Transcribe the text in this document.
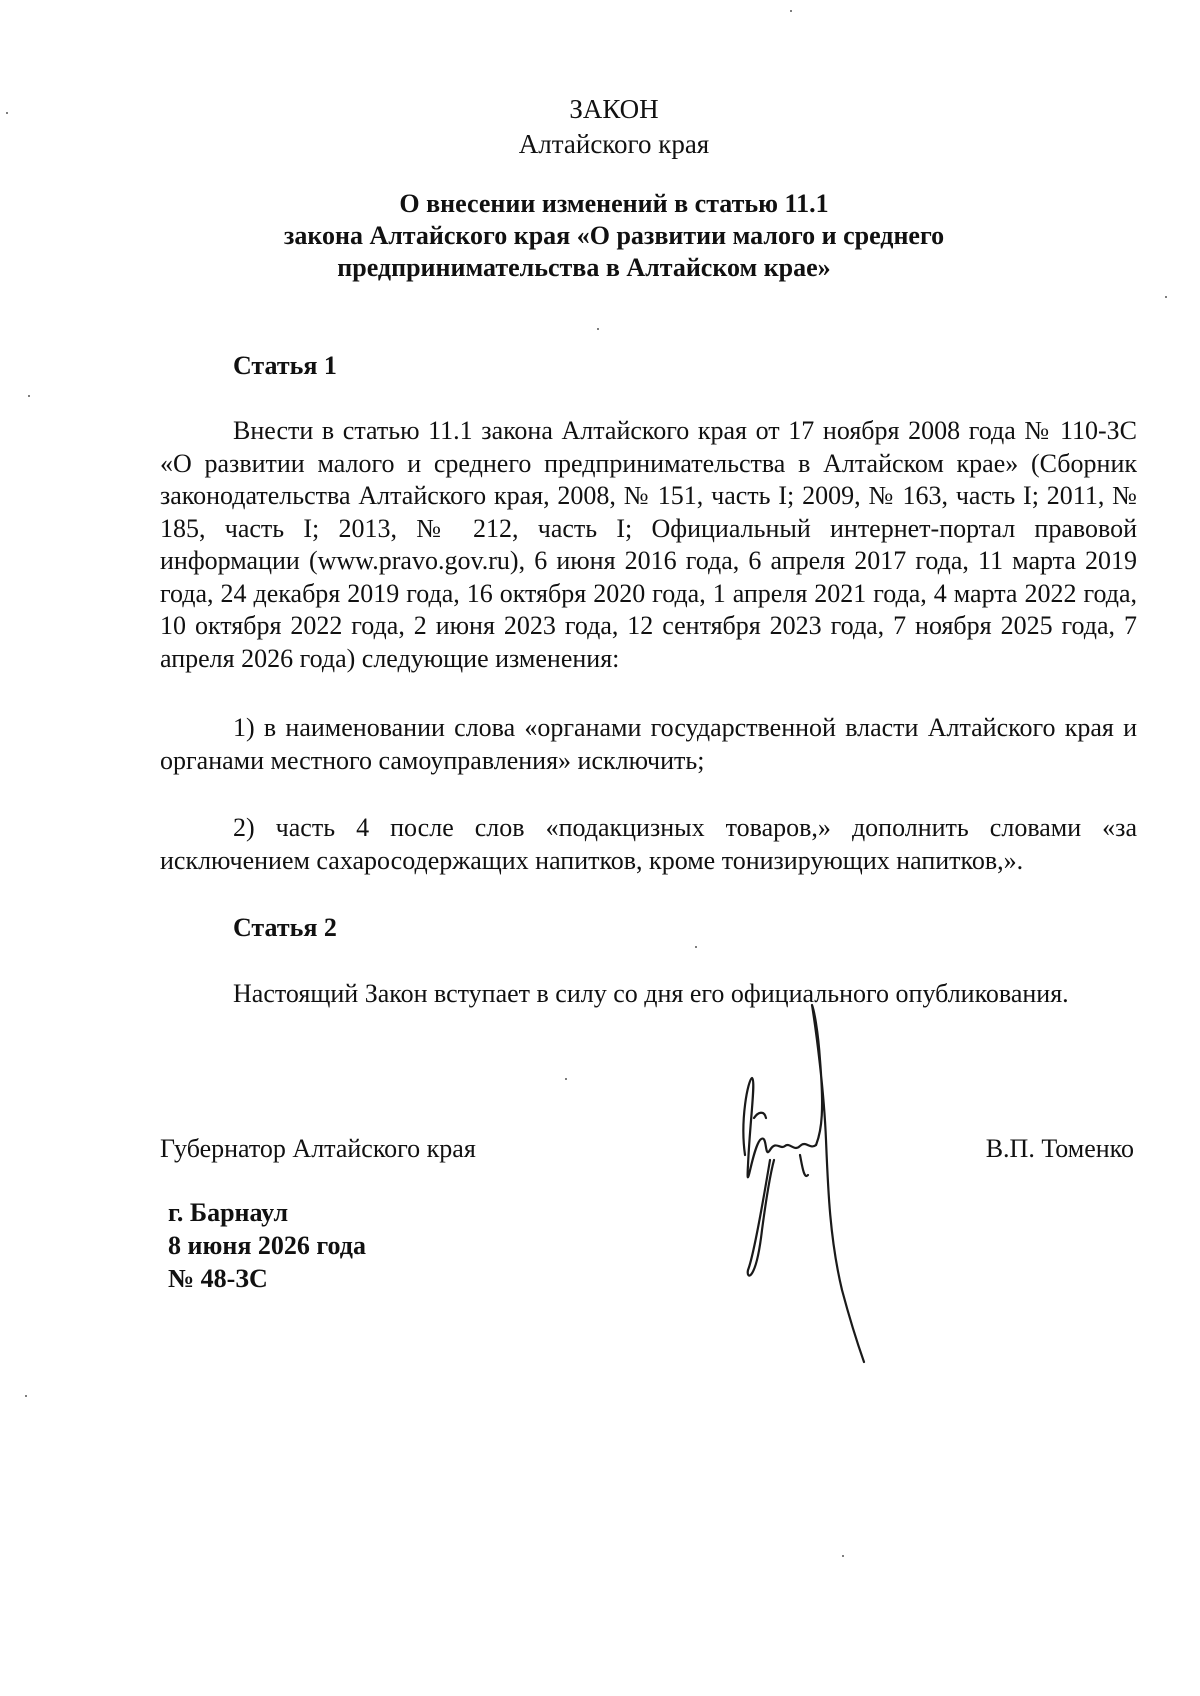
ЗАКОН
Алтайского края
О внесении изменений в статью 11.1
закона Алтайского края «О развитии малого и среднего
предпринимательства в Алтайском крае»
Статья 1
Внести в статью 11.1 закона Алтайского края от 17 ноября 2008 года № 110-ЗС «О развитии малого и среднего предпринимательства в Алтайском крае» (Сборник законодательства Алтайского края, 2008, № 151, часть I; 2009, № 163, часть I; 2011, № 185, часть I; 2013, № 212, часть I; Официальный интернет-портал правовой информации (www.pravo.gov.ru), 6 июня 2016 года, 6 апреля 2017 года, 11 марта 2019 года, 24 декабря 2019 года, 16 октября 2020 года, 1 апреля 2021 года, 4 марта 2022 года, 10 октября 2022 года, 2 июня 2023 года, 12 сентября 2023 года, 7 ноября 2025 года, 7 апреля 2026 года) следующие изменения:
1) в наименовании слова «органами государственной власти Алтайского края и органами местного самоуправления» исключить;
2) часть 4 после слов «подакцизных товаров,» дополнить словами «за исключением сахаросодержащих напитков, кроме тонизирующих напитков,».
Статья 2
Настоящий Закон вступает в силу со дня его официального опубликования.
Губернатор Алтайского края	В.П. Томенко
г. Барнаул
8 июня 2026 года
№ 48-ЗС
